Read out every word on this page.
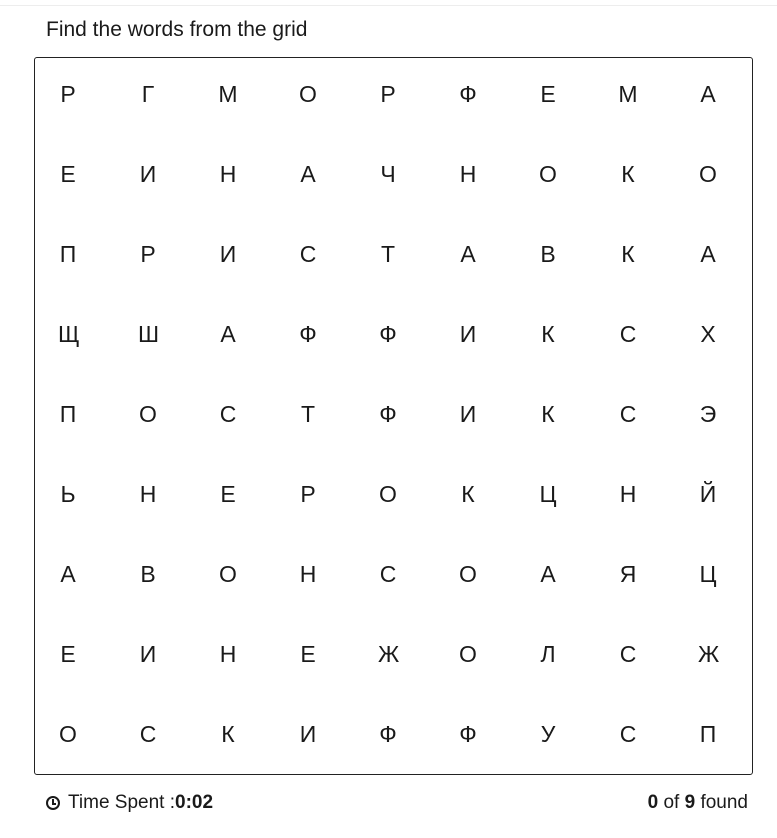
Find the words from the grid
Р	Г	М	О	Р	Ф	Е	М	А
Е	И	Н	А	Ч	Н	О	К	О
П	Р	И	С	Т	А	В	К	А
Щ	Ш	А	Ф	Ф	И	К	С	Х
П	О	С	Т	Ф	И	К	С	Э
Ь	Н	Е	Р	О	К	Ц	Н	Й
А	В	О	Н	С	О	А	Я	Ц
Е	И	Н	Е	Ж	О	Л	С	Ж
О	С	К	И	Ф	Ф	У	С	П
Time Spent : 0:02	0 of 9 found
